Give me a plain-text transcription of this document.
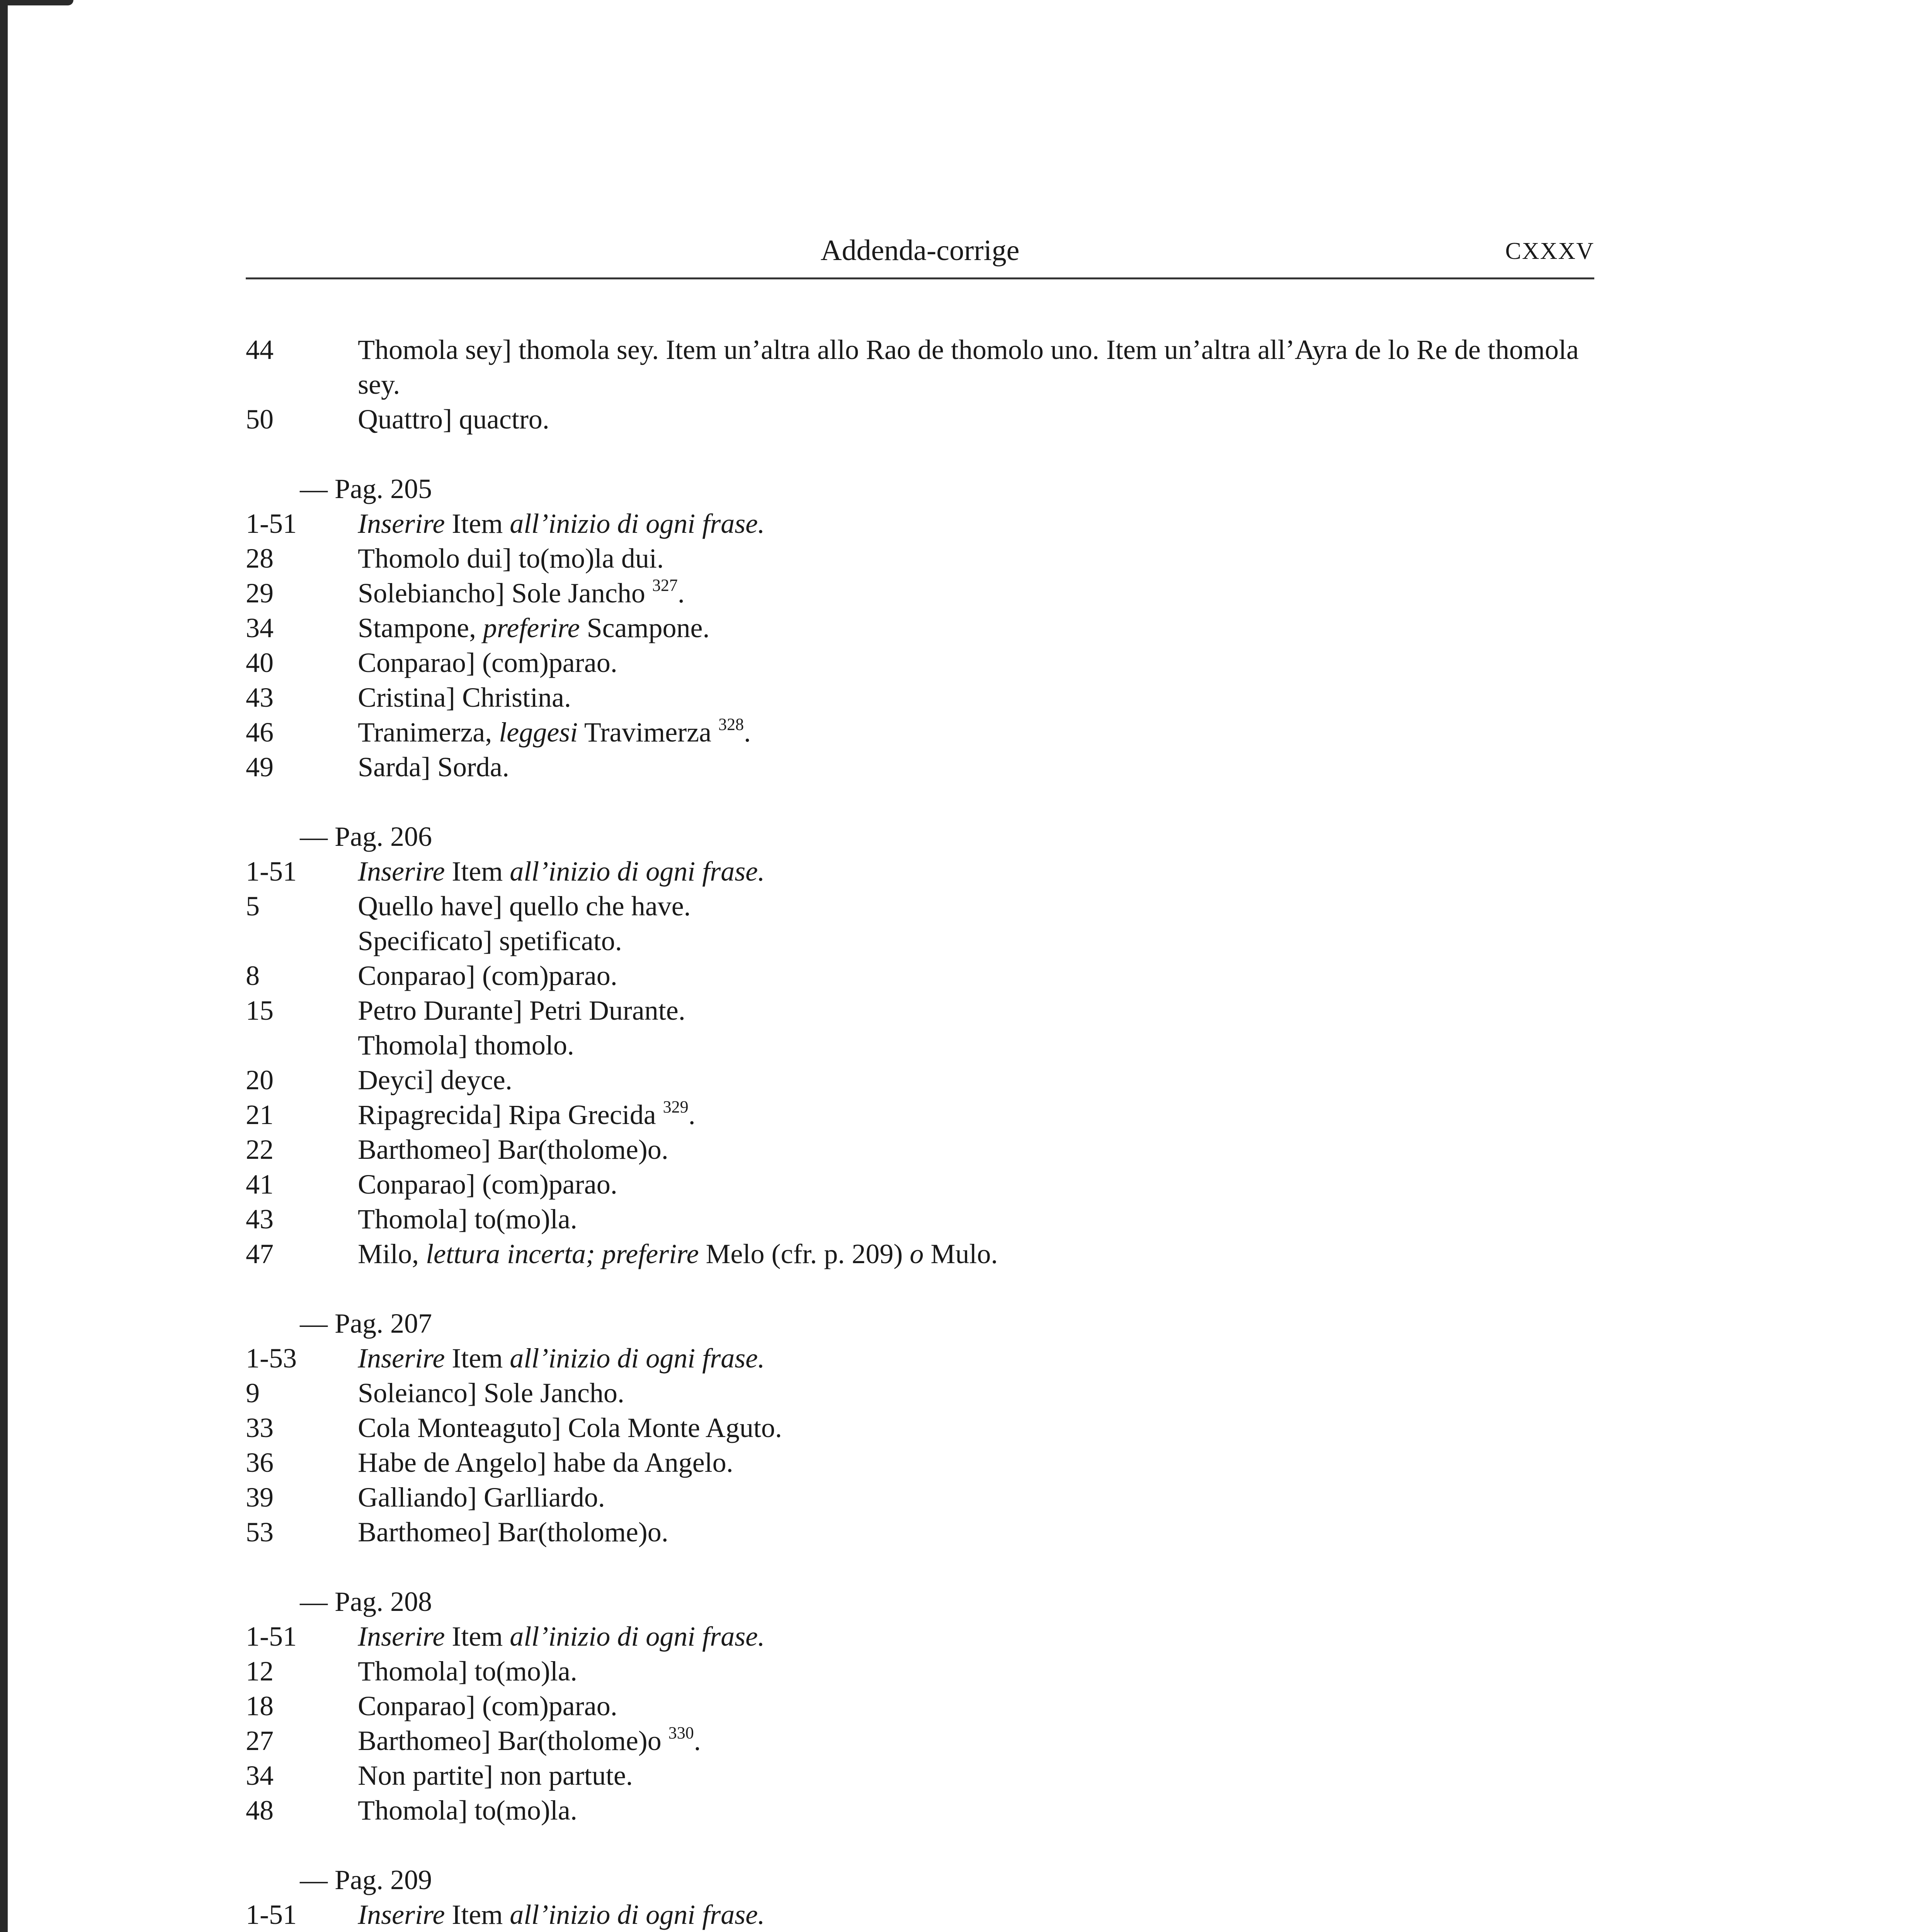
Addenda-corrige	CXXXV
44	Thomola sey] thomola sey. Item un’altra allo Rao de thomolo uno. Item un’altra all’Ayra de lo Re de thomola sey.
50	Quattro] quactro.
— Pag. 205
1-51	Inserire Item all’inizio di ogni frase.
28	Thomolo dui] to(mo)la dui.
29	Solebiancho] Sole Jancho $^{327}$.
34	Stampone, preferire Scampone.
40	Conparao] (com)parao.
43	Cristina] Christina.
46	Tranimerza, leggesi Travimerza $^{328}$.
49	Sarda] Sorda.
— Pag. 206
1-51	Inserire Item all’inizio di ogni frase.
5	Quello have] quello che have.
Specificato] spetificato.
8	Conparao] (com)parao.
15	Petro Durante] Petri Durante.
Thomola] thomolo.
20	Deyci] deyce.
21	Ripagrecida] Ripa Grecida $^{329}$.
22	Barthomeo] Bar(tholome)o.
41	Conparao] (com)parao.
43	Thomola] to(mo)la.
47	Milo, lettura incerta; preferire Melo (cfr. p. 209) o Mulo.
— Pag. 207
1-53	Inserire Item all’inizio di ogni frase.
9	Soleianco] Sole Jancho.
33	Cola Monteaguto] Cola Monte Aguto.
36	Habe de Angelo] habe da Angelo.
39	Galliando] Garlliardo.
53	Barthomeo] Bar(tholome)o.
— Pag. 208
1-51	Inserire Item all’inizio di ogni frase.
12	Thomola] to(mo)la.
18	Conparao] (com)parao.
27	Barthomeo] Bar(tholome)o $^{330}$.
34	Non partite] non partute.
48	Thomola] to(mo)la.
— Pag. 209
1-51	Inserire Item all’inizio di ogni frase.
